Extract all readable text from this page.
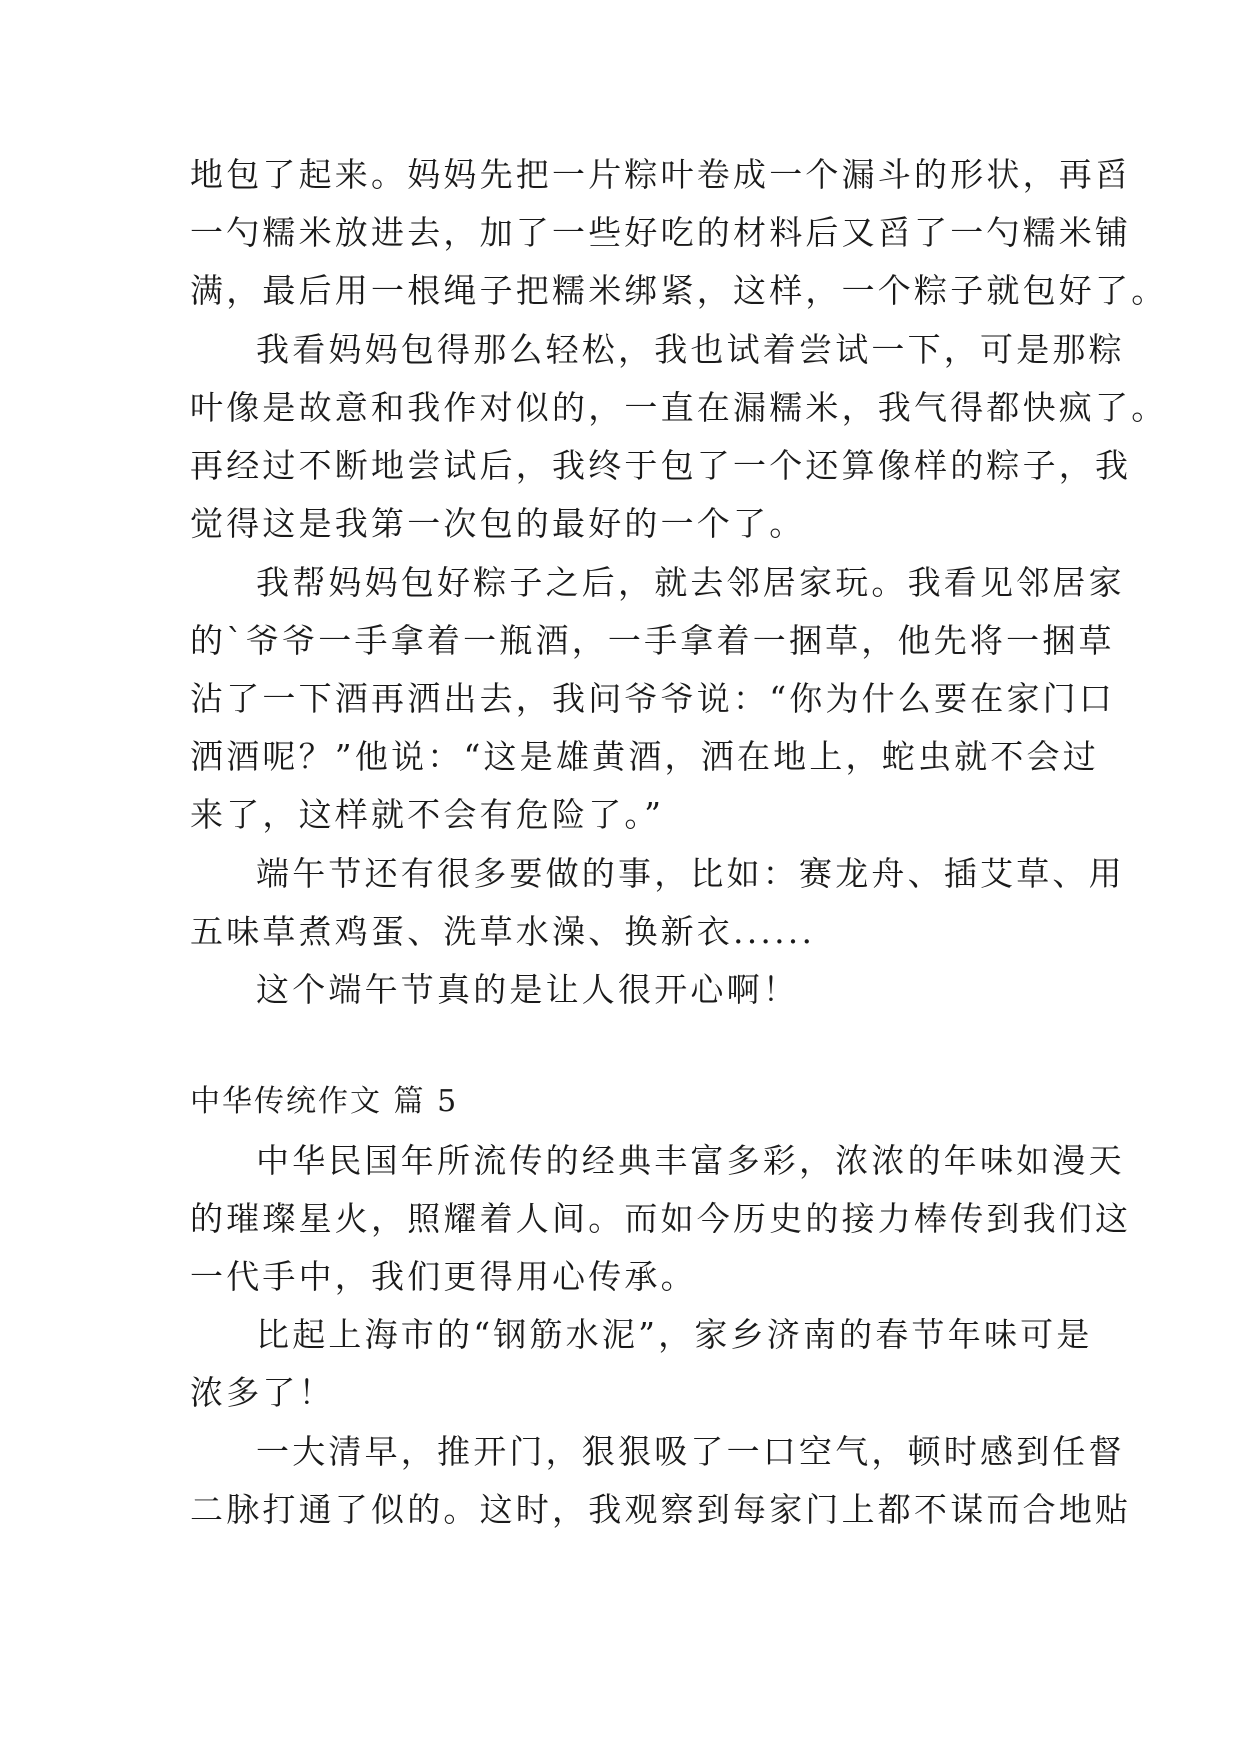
地包了起来。妈妈先把一片粽叶卷成一个漏斗的形状，再舀
一勺糯米放进去，加了一些好吃的材料后又舀了一勺糯米铺
满，最后用一根绳子把糯米绑紧，这样，一个粽子就包好了。
我看妈妈包得那么轻松，我也试着尝试一下，可是那粽
叶像是故意和我作对似的，一直在漏糯米，我气得都快疯了。
再经过不断地尝试后，我终于包了一个还算像样的粽子，我
觉得这是我第一次包的最好的一个了。
我帮妈妈包好粽子之后，就去邻居家玩。我看见邻居家
的`爷爷一手拿着一瓶酒，一手拿着一捆草，他先将一捆草
沾了一下酒再洒出去，我问爷爷说：“你为什么要在家门口
洒酒呢？”他说：“这是雄黄酒，洒在地上，蛇虫就不会过
来了，这样就不会有危险了。”
端午节还有很多要做的事，比如：赛龙舟、插艾草、用
五味草煮鸡蛋、洗草水澡、换新衣......
这个端午节真的是让人很开心啊！
中华传统作文 篇 5
中华民国年所流传的经典丰富多彩，浓浓的年味如漫天
的璀璨星火，照耀着人间。而如今历史的接力棒传到我们这
一代手中，我们更得用心传承。
比起上海市的“钢筋水泥”，家乡济南的春节年味可是
浓多了！
一大清早，推开门，狠狠吸了一口空气，顿时感到任督
二脉打通了似的。这时，我观察到每家门上都不谋而合地贴
